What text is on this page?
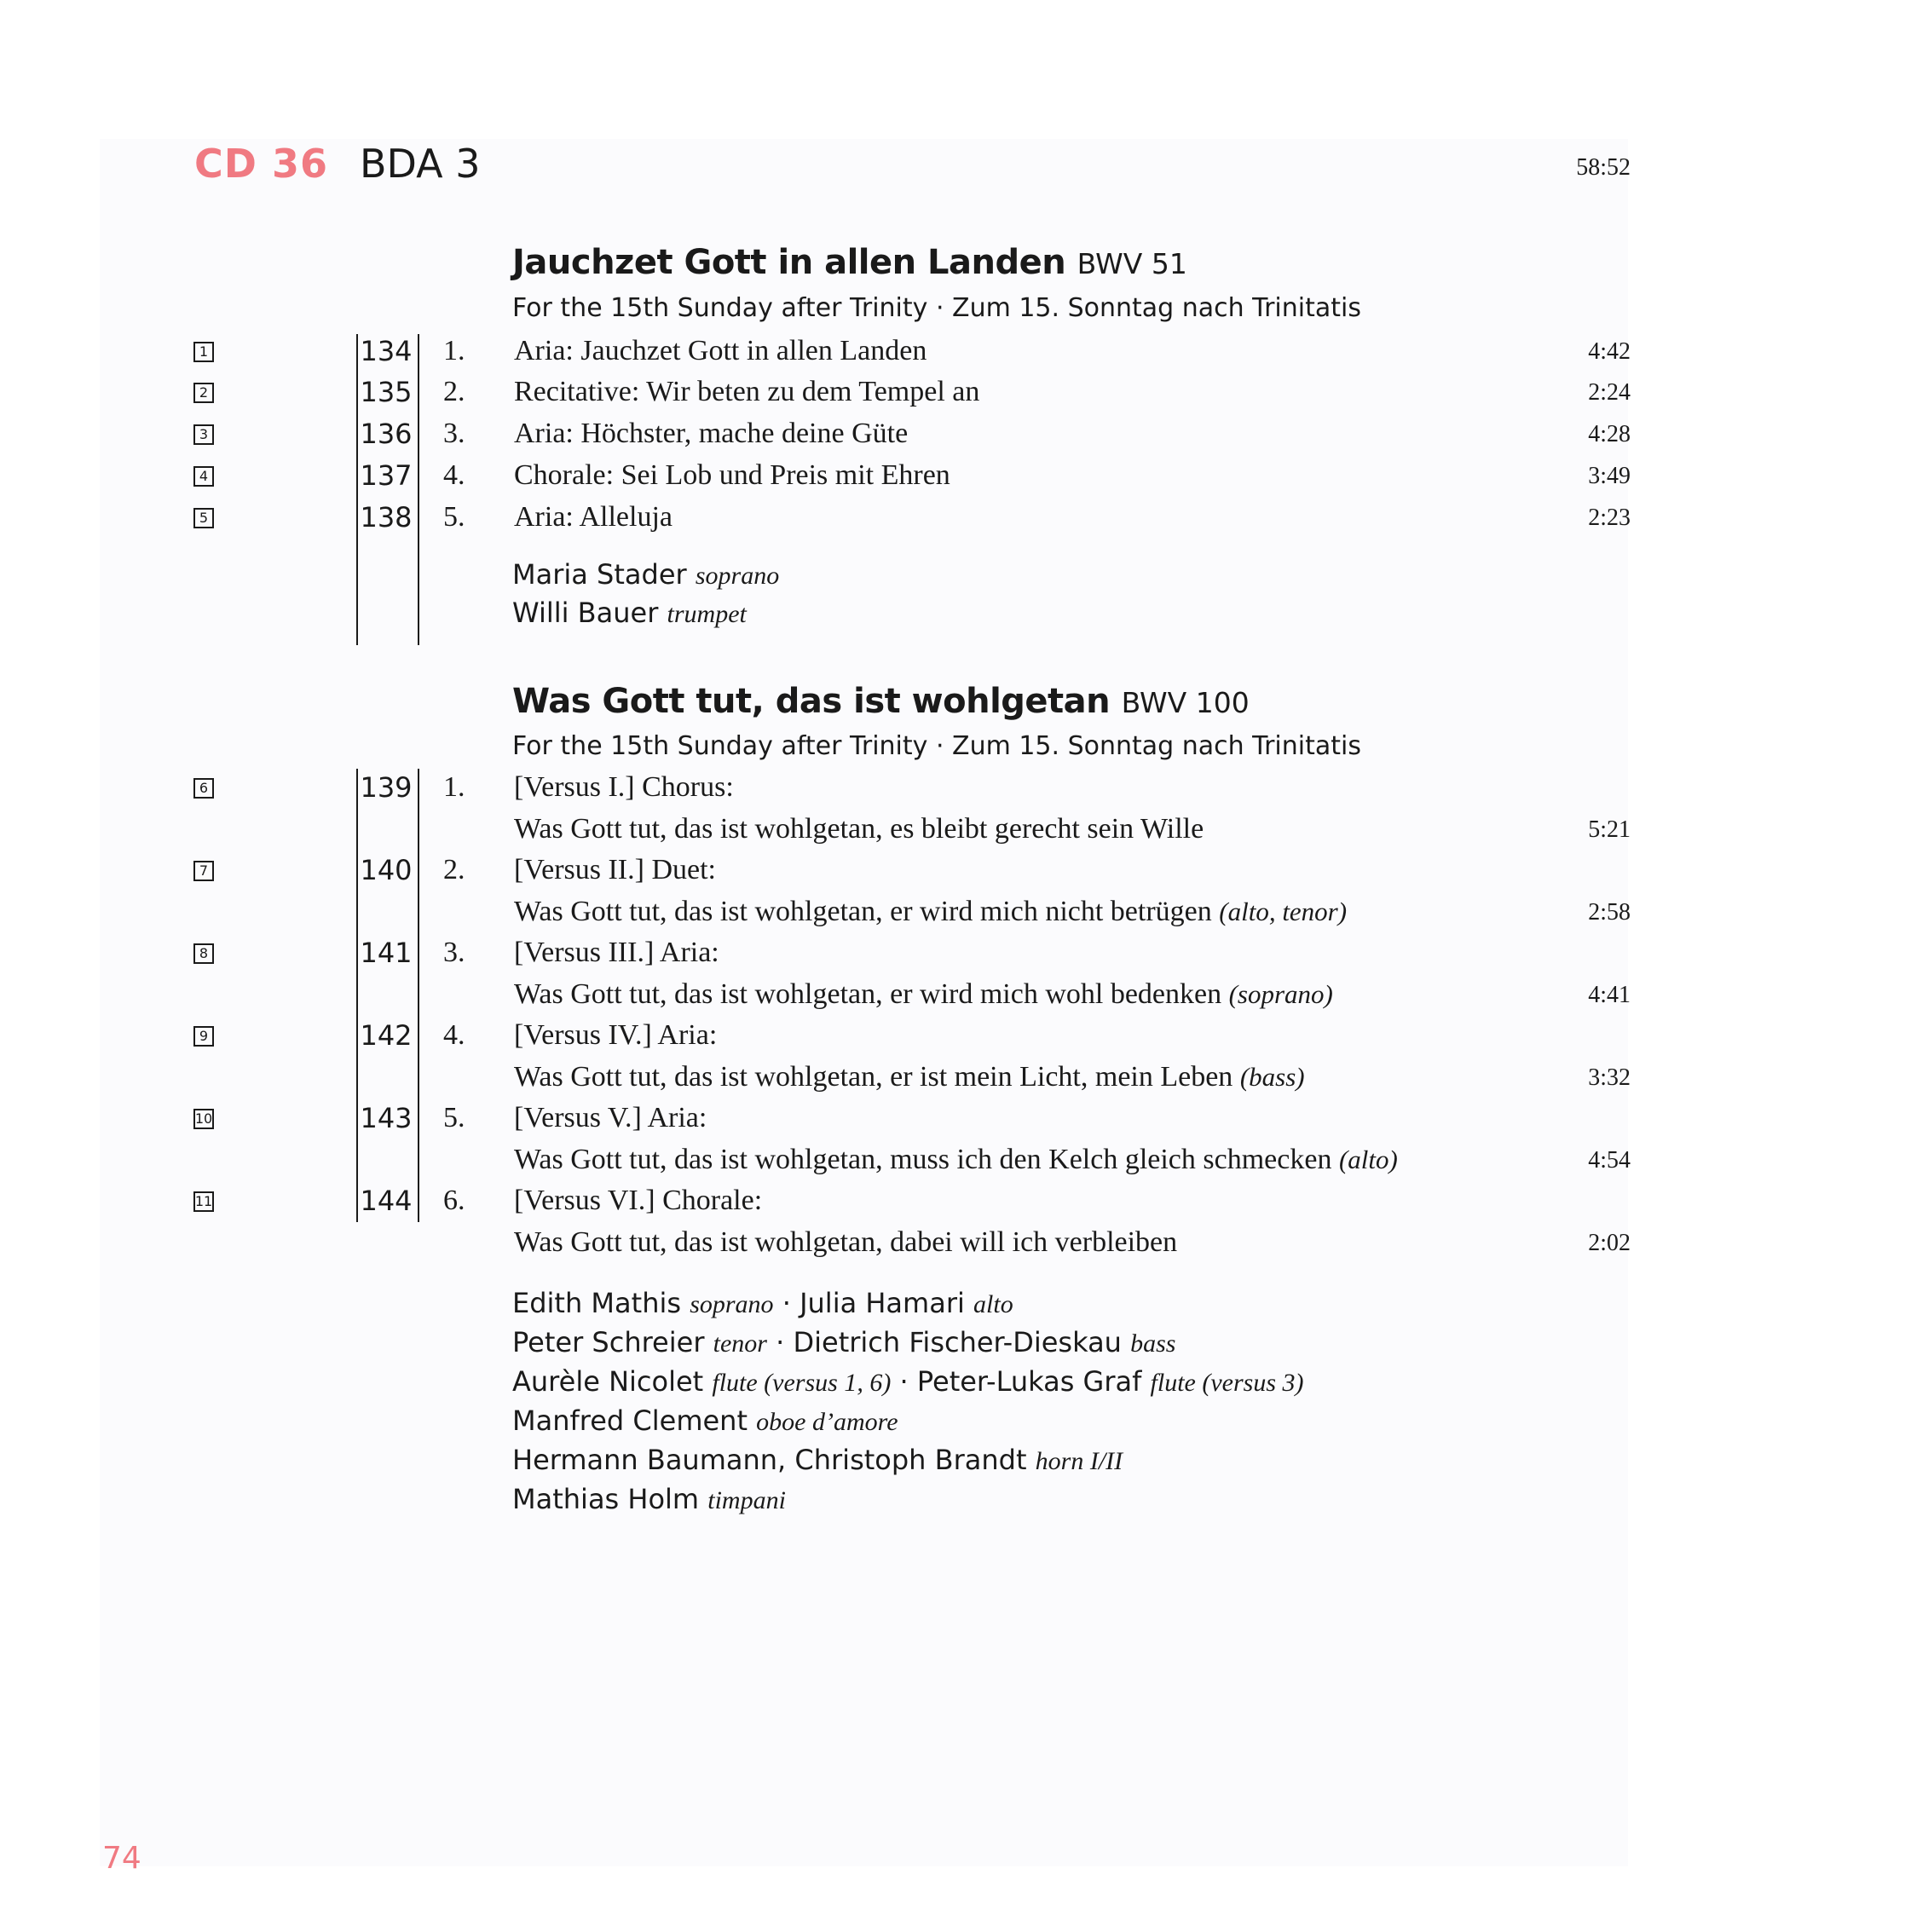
CD 36 BDA 3	58:52
Jauchzet Gott in allen Landen BWV 51
For the 15th Sunday after Trinity · Zum 15. Sonntag nach Trinitatis
1	134 1. Aria: Jauchzet Gott in allen Landen	4:42
2	135 2. Recitative: Wir beten zu dem Tempel an	2:24
3	136 3. Aria: Höchster, mache deine Güte	4:28
4	137 4. Chorale: Sei Lob und Preis mit Ehren	3:49
5	138 5. Aria: Alleluja	2:23
Maria Stader soprano
Willi Bauer trumpet
Was Gott tut, das ist wohlgetan BWV 100
For the 15th Sunday after Trinity · Zum 15. Sonntag nach Trinitatis
6	139 1. [Versus I.] Chorus:
Was Gott tut, das ist wohlgetan, es bleibt gerecht sein Wille	5:21
7	140 2. [Versus II.] Duet:
Was Gott tut, das ist wohlgetan, er wird mich nicht betrügen (alto, tenor)	2:58
8	141 3. [Versus III.] Aria:
Was Gott tut, das ist wohlgetan, er wird mich wohl bedenken (soprano)	4:41
9	142 4. [Versus IV.] Aria:
Was Gott tut, das ist wohlgetan, er ist mein Licht, mein Leben (bass)	3:32
10	143 5. [Versus V.] Aria:
Was Gott tut, das ist wohlgetan, muss ich den Kelch gleich schmecken (alto)	4:54
11	144 6. [Versus VI.] Chorale:
Was Gott tut, das ist wohlgetan, dabei will ich verbleiben	2:02
Edith Mathis soprano · Julia Hamari alto
Peter Schreier tenor · Dietrich Fischer-Dieskau bass
Aurèle Nicolet flute (versus 1, 6) · Peter-Lukas Graf flute (versus 3)
Manfred Clement oboe d’amore
Hermann Baumann, Christoph Brandt horn I/II
Mathias Holm timpani
74
